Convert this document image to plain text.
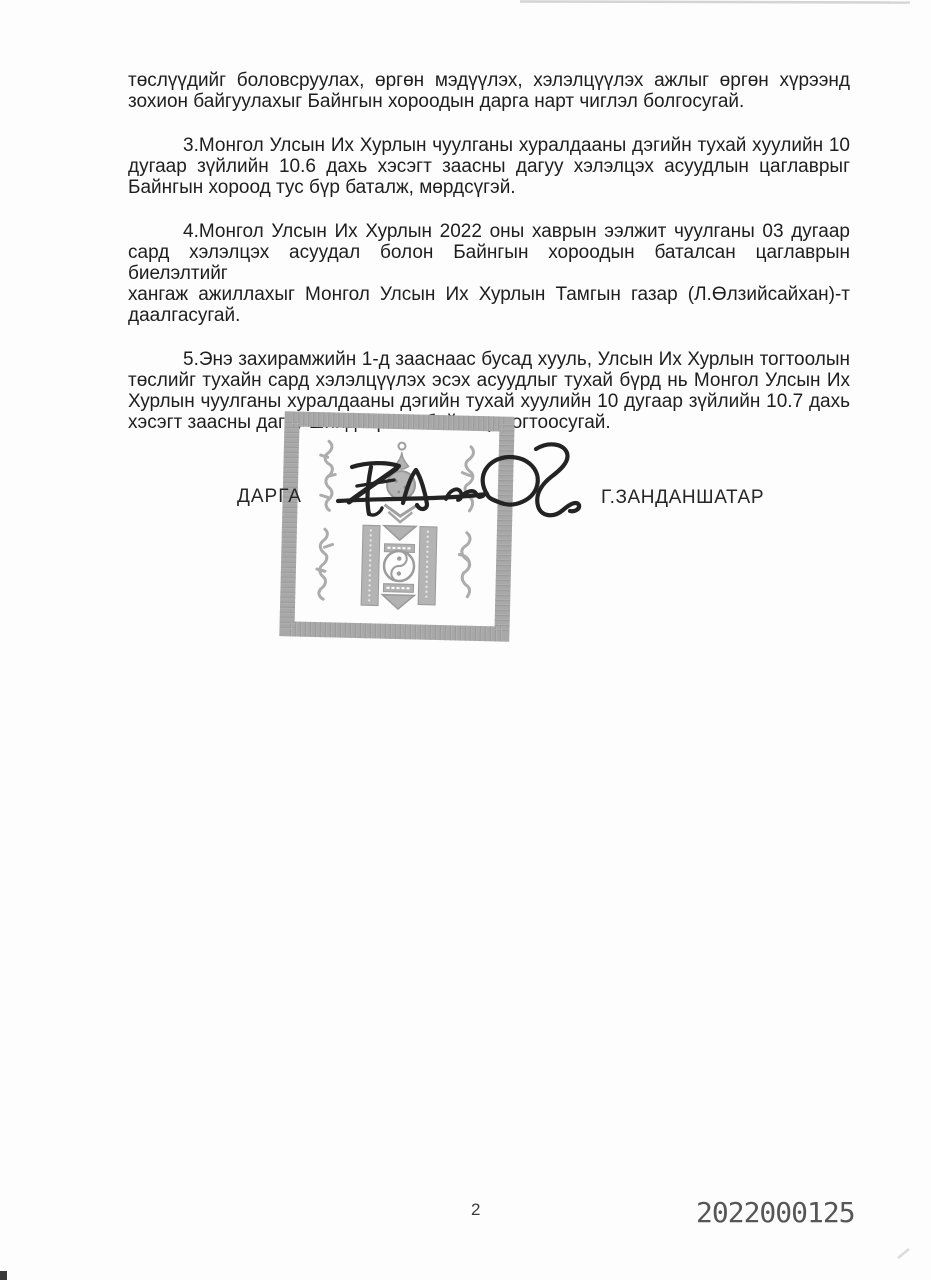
төслүүдийг боловсруулах, өргөн мэдүүлэх, хэлэлцүүлэх ажлыг өргөн хүрээнд
зохион байгуулахыг Байнгын хороодын дарга нарт чиглэл болгосугай.
3.Монгол Улсын Их Хурлын чуулганы хуралдааны дэгийн тухай хуулийн 10
дугаар зүйлийн 10.6 дахь хэсэгт заасны дагуу хэлэлцэх асуудлын цаглаврыг
Байнгын хороод тус бүр баталж, мөрдсүгэй.
4.Монгол Улсын Их Хурлын 2022 оны хаврын ээлжит чуулганы 03 дугаар
сард хэлэлцэх асуудал болон Байнгын хороодын баталсан цаглаврын биелэлтийг
хангаж ажиллахыг Монгол Улсын Их Хурлын Тамгын газар (Л.Өлзийсайхан)-т
даалгасугай.
5.Энэ захирамжийн 1-д зааснаас бусад хууль, Улсын Их Хурлын тогтоолын
төслийг тухайн сард хэлэлцүүлэх эсэх асуудлыг тухай бүрд нь Монгол Улсын Их
Хурлын чуулганы хуралдааны дэгийн тухай хуулийн 10 дугаар зүйлийн 10.7 дахь
хэсэгт заасны дагуу шийдвэрлэж байхаар тогтоосугай.
ДАРГА	Г.ЗАНДАНШАТАР
2	2022000125
